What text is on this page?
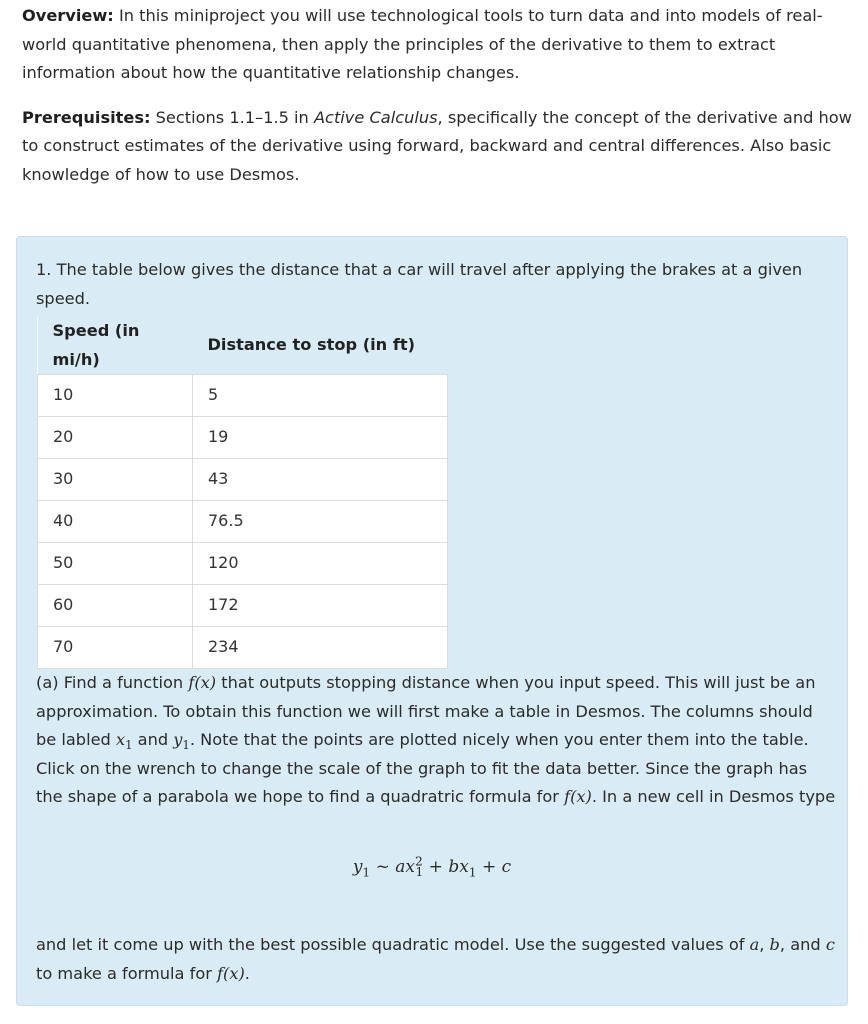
Overview: In this miniproject you will use technological tools to turn data and into models of real-world quantitative phenomena, then apply the principles of the derivative to them to extract information about how the quantitative relationship changes.

Prerequisites: Sections 1.1–1.5 in Active Calculus, specifically the concept of the derivative and how to construct estimates of the derivative using forward, backward and central differences. Also basic knowledge of how to use Desmos.

1. The table below gives the distance that a car will travel after applying the brakes at a given speed.

Speed (in mi/h)	Distance to stop (in ft)
10	5
20	19
30	43
40	76.5
50	120
60	172
70	234

(a) Find a function f(x) that outputs stopping distance when you input speed. This will just be an approximation. To obtain this function we will first make a table in Desmos. The columns should be labled $x_1$ and $y_1$. Note that the points are plotted nicely when you enter them into the table. Click on the wrench to change the scale of the graph to fit the data better. Since the graph has the shape of a parabola we hope to find a quadratric formula for f(x). In a new cell in Desmos type

$y_1$ ~ $ax^2_1 + bx_1 + c$

and let it come up with the best possible quadratic model. Use the suggested values of a, b, and c to make a formula for f(x).
